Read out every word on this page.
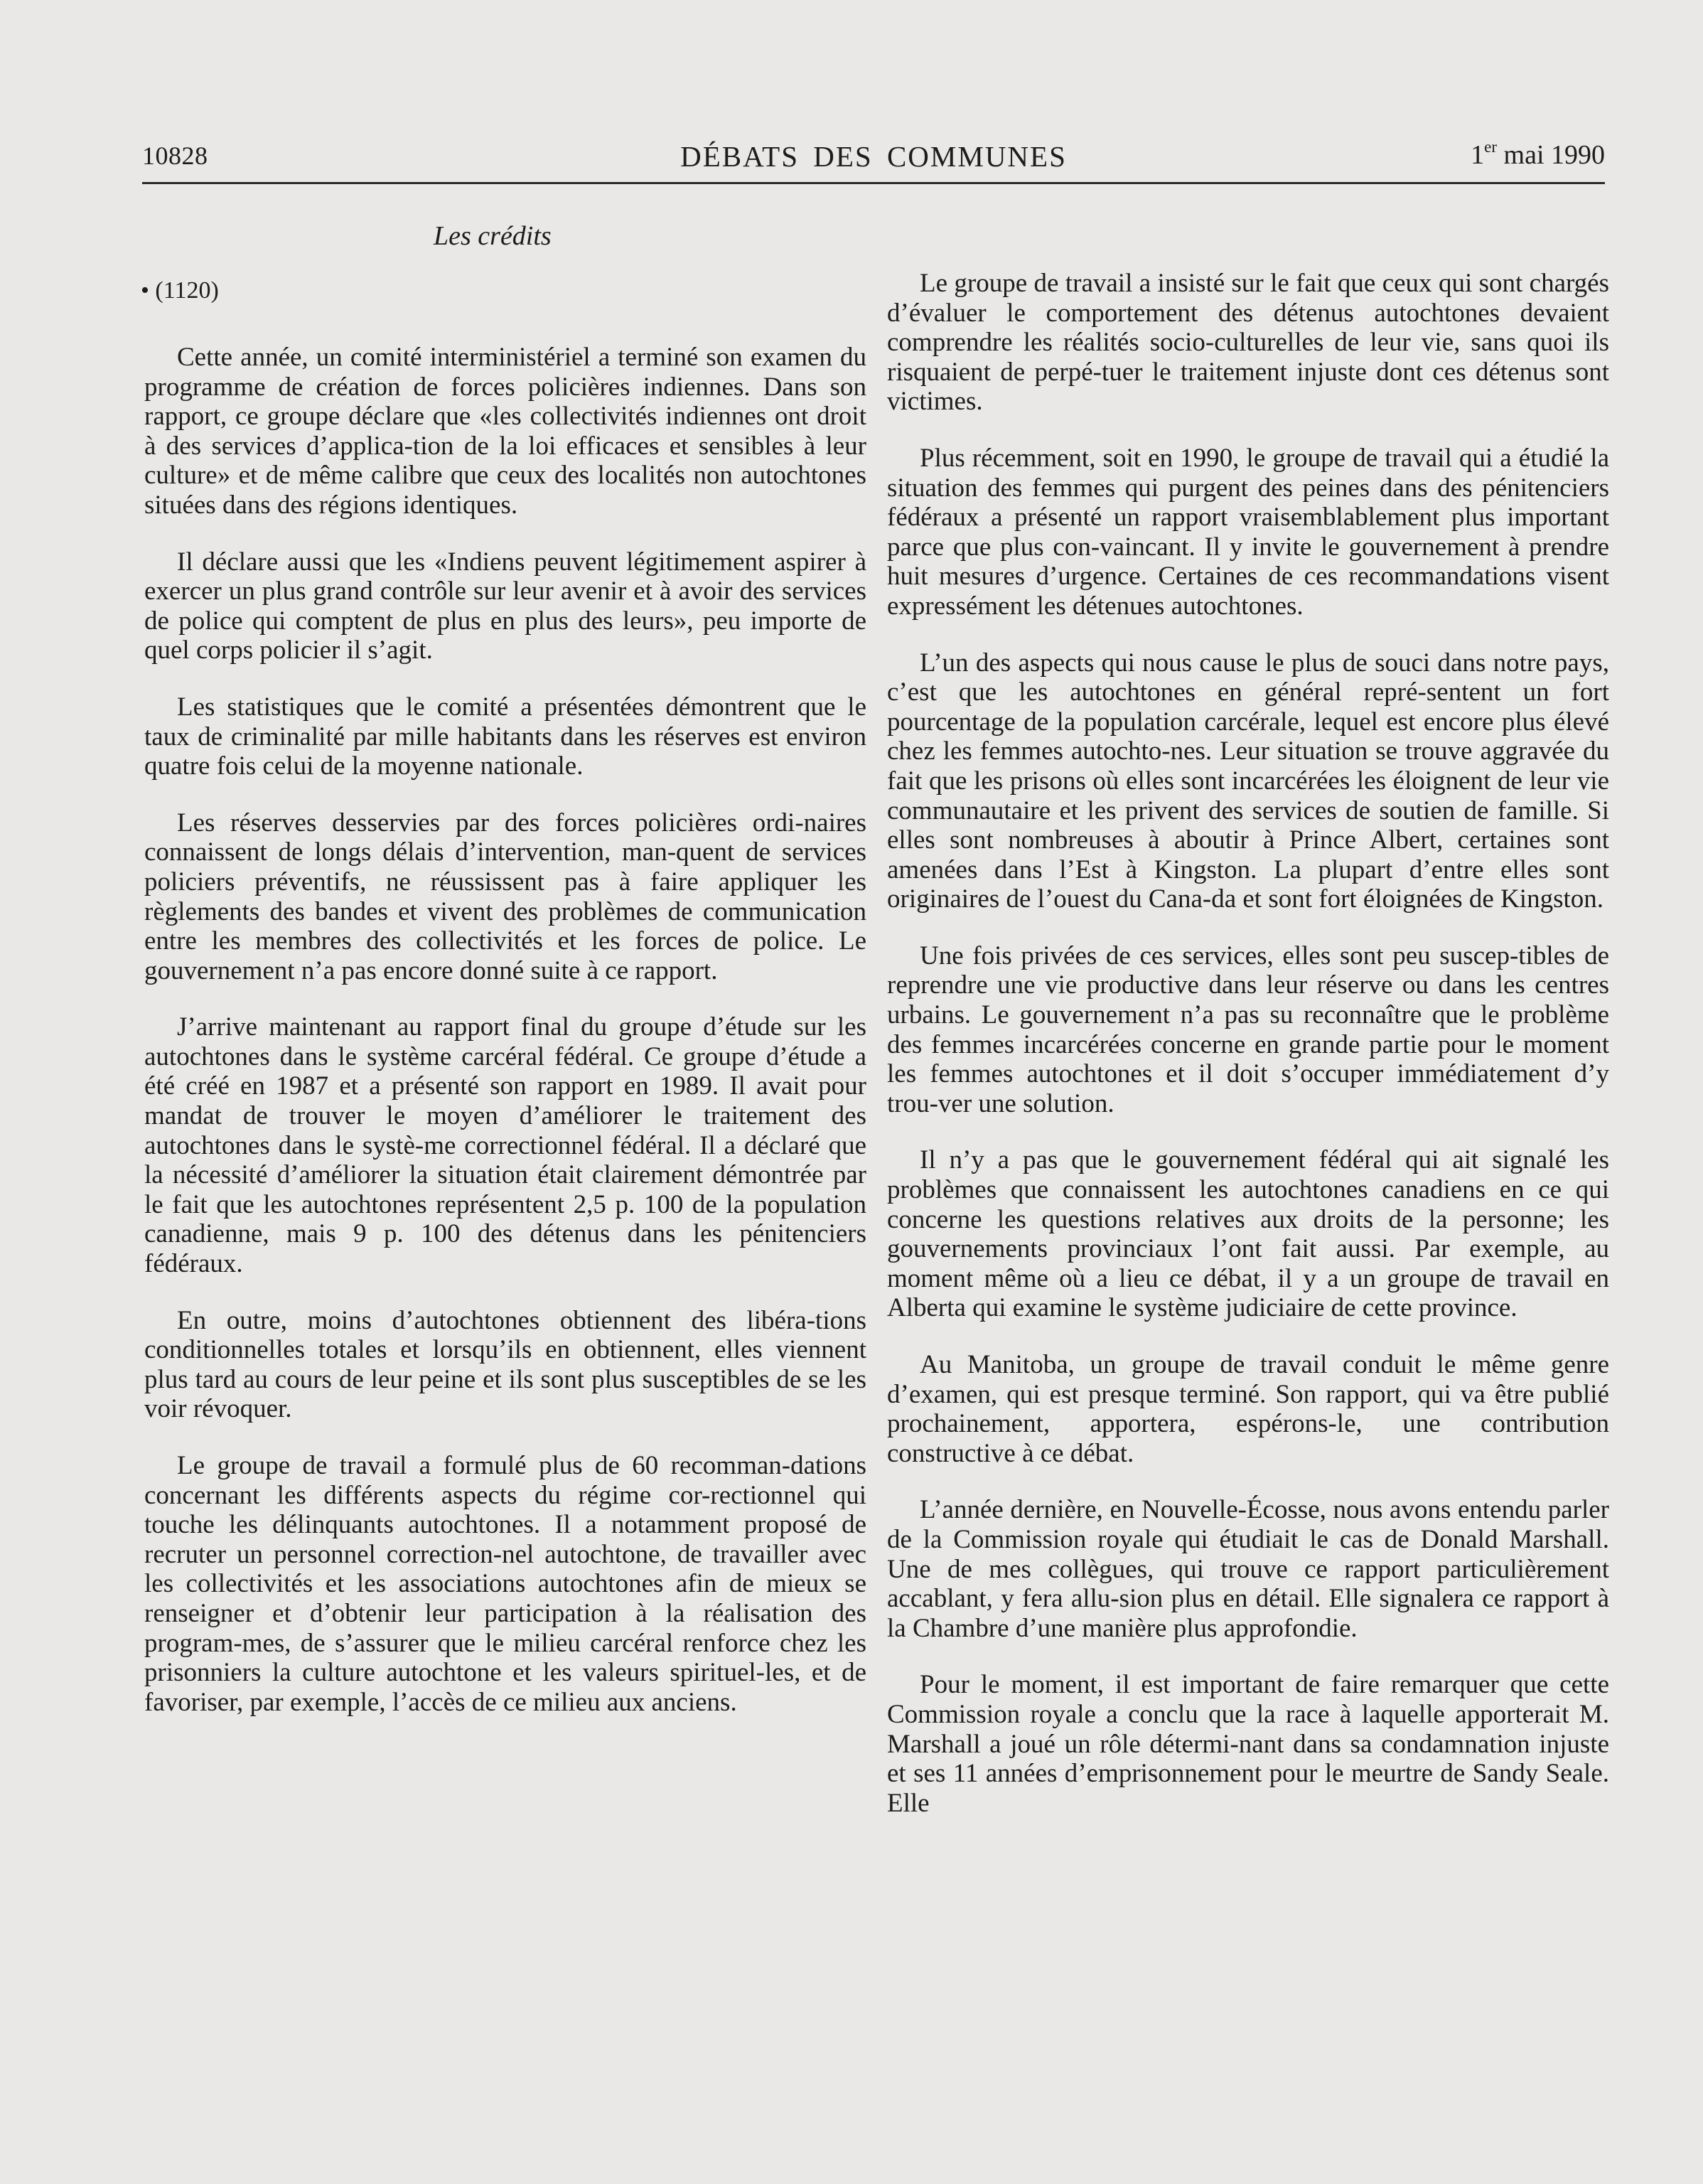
10828	DÉBATS DES COMMUNES	1er mai 1990
Les crédits
• (1120)

Cette année, un comité interministériel a terminé son examen du programme de création de forces policières indiennes. Dans son rapport, ce groupe déclare que «les collectivités indiennes ont droit à des services d’applica-tion de la loi efficaces et sensibles à leur culture» et de même calibre que ceux des localités non autochtones situées dans des régions identiques.

Il déclare aussi que les «Indiens peuvent légitimement aspirer à exercer un plus grand contrôle sur leur avenir et à avoir des services de police qui comptent de plus en plus des leurs», peu importe de quel corps policier il s’agit.

Les statistiques que le comité a présentées démontrent que le taux de criminalité par mille habitants dans les réserves est environ quatre fois celui de la moyenne nationale.

Les réserves desservies par des forces policières ordi-naires connaissent de longs délais d’intervention, man-quent de services policiers préventifs, ne réussissent pas à faire appliquer les règlements des bandes et vivent des problèmes de communication entre les membres des collectivités et les forces de police. Le gouvernement n’a pas encore donné suite à ce rapport.

J’arrive maintenant au rapport final du groupe d’étude sur les autochtones dans le système carcéral fédéral. Ce groupe d’étude a été créé en 1987 et a présenté son rapport en 1989. Il avait pour mandat de trouver le moyen d’améliorer le traitement des autochtones dans le systè-me correctionnel fédéral. Il a déclaré que la nécessité d’améliorer la situation était clairement démontrée par le fait que les autochtones représentent 2,5 p. 100 de la population canadienne, mais 9 p. 100 des détenus dans les pénitenciers fédéraux.

En outre, moins d’autochtones obtiennent des libéra-tions conditionnelles totales et lorsqu’ils en obtiennent, elles viennent plus tard au cours de leur peine et ils sont plus susceptibles de se les voir révoquer.

Le groupe de travail a formulé plus de 60 recomman-dations concernant les différents aspects du régime cor-rectionnel qui touche les délinquants autochtones. Il a notamment proposé de recruter un personnel correction-nel autochtone, de travailler avec les collectivités et les associations autochtones afin de mieux se renseigner et d’obtenir leur participation à la réalisation des program-mes, de s’assurer que le milieu carcéral renforce chez les prisonniers la culture autochtone et les valeurs spirituel-les, et de favoriser, par exemple, l’accès de ce milieu aux anciens.

Le groupe de travail a insisté sur le fait que ceux qui sont chargés d’évaluer le comportement des détenus autochtones devaient comprendre les réalités socio-culturelles de leur vie, sans quoi ils risquaient de perpé-tuer le traitement injuste dont ces détenus sont victimes.

Plus récemment, soit en 1990, le groupe de travail qui a étudié la situation des femmes qui purgent des peines dans des pénitenciers fédéraux a présenté un rapport vraisemblablement plus important parce que plus con-vaincant. Il y invite le gouvernement à prendre huit mesures d’urgence. Certaines de ces recommandations visent expressément les détenues autochtones.

L’un des aspects qui nous cause le plus de souci dans notre pays, c’est que les autochtones en général repré-sentent un fort pourcentage de la population carcérale, lequel est encore plus élevé chez les femmes autochto-nes. Leur situation se trouve aggravée du fait que les prisons où elles sont incarcérées les éloignent de leur vie communautaire et les privent des services de soutien de famille. Si elles sont nombreuses à aboutir à Prince Albert, certaines sont amenées dans l’Est à Kingston. La plupart d’entre elles sont originaires de l’ouest du Cana-da et sont fort éloignées de Kingston.

Une fois privées de ces services, elles sont peu suscep-tibles de reprendre une vie productive dans leur réserve ou dans les centres urbains. Le gouvernement n’a pas su reconnaître que le problème des femmes incarcérées concerne en grande partie pour le moment les femmes autochtones et il doit s’occuper immédiatement d’y trou-ver une solution.

Il n’y a pas que le gouvernement fédéral qui ait signalé les problèmes que connaissent les autochtones canadiens en ce qui concerne les questions relatives aux droits de la personne; les gouvernements provinciaux l’ont fait aussi. Par exemple, au moment même où a lieu ce débat, il y a un groupe de travail en Alberta qui examine le système judiciaire de cette province.

Au Manitoba, un groupe de travail conduit le même genre d’examen, qui est presque terminé. Son rapport, qui va être publié prochainement, apportera, espérons-le, une contribution constructive à ce débat.

L’année dernière, en Nouvelle-Écosse, nous avons entendu parler de la Commission royale qui étudiait le cas de Donald Marshall. Une de mes collègues, qui trouve ce rapport particulièrement accablant, y fera allu-sion plus en détail. Elle signalera ce rapport à la Chambre d’une manière plus approfondie.

Pour le moment, il est important de faire remarquer que cette Commission royale a conclu que la race à laquelle apporterait M. Marshall a joué un rôle détermi-nant dans sa condamnation injuste et ses 11 années d’emprisonnement pour le meurtre de Sandy Seale. Elle
